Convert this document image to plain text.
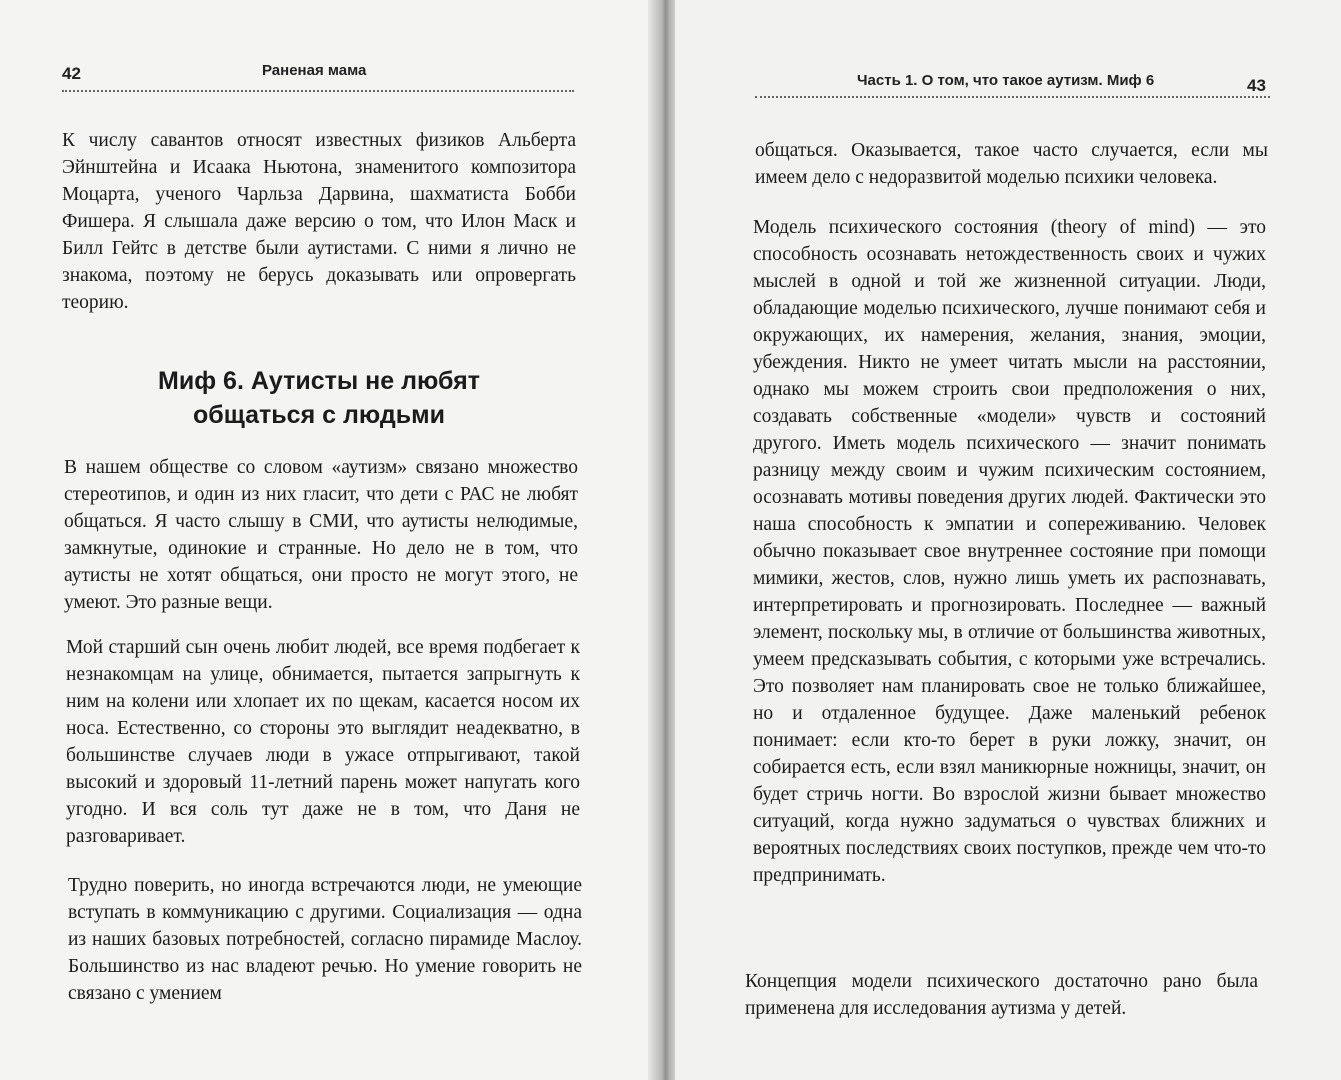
42	Раненая мама

К числу савантов относят известных физиков Альберта Эйнштейна и Исаака Ньютона, знаменитого композитора Моцарта, ученого Чарльза Дарвина, шахматиста Бобби Фишера. Я слышала даже версию о том, что Илон Маск и Билл Гейтс в детстве были аутистами. С ними я лично не знакома, поэтому не берусь доказывать или опровергать теорию.

Миф 6. Аутисты не любят
общаться с людьми

В нашем обществе со словом «аутизм» связано множество стереотипов, и один из них гласит, что дети с РАС не любят общаться. Я часто слышу в СМИ, что аутисты нелюдимые, замкнутые, одинокие и странные. Но дело не в том, что аутисты не хотят общаться, они просто не могут этого, не умеют. Это разные вещи.

Мой старший сын очень любит людей, все время подбегает к незнакомцам на улице, обнимается, пытается запрыгнуть к ним на колени или хлопает их по щекам, касается носом их носа. Естественно, со стороны это выглядит неадекватно, в большинстве случаев люди в ужасе отпрыгивают, такой высокий и здоровый 11-летний парень может напугать кого угодно. И вся соль тут даже не в том, что Даня не разговаривает.

Трудно поверить, но иногда встречаются люди, не умеющие вступать в коммуникацию с другими. Социализация — одна из наших базовых потребностей, согласно пирамиде Маслоу. Большинство из нас владеют речью. Но умение говорить не связано с умением

Часть 1. О том, что такое аутизм. Миф 6	43

общаться. Оказывается, такое часто случается, если мы имеем дело с недоразвитой моделью психики человека.

Модель психического состояния (theory of mind) — это способность осознавать нетождественность своих и чужих мыслей в одной и той же жизненной ситуации. Люди, обладающие моделью психического, лучше понимают себя и окружающих, их намерения, желания, знания, эмоции, убеждения. Никто не умеет читать мысли на расстоянии, однако мы можем строить свои предположения о них, создавать собственные «модели» чувств и состояний другого. Иметь модель психического — значит понимать разницу между своим и чужим психическим состоянием, осознавать мотивы поведения других людей. Фактически это наша способность к эмпатии и сопереживанию. Человек обычно показывает свое внутреннее состояние при помощи мимики, жестов, слов, нужно лишь уметь их распознавать, интерпретировать и прогнозировать. Последнее — важный элемент, поскольку мы, в отличие от большинства животных, умеем предсказывать события, с которыми уже встречались. Это позволяет нам планировать свое не только ближайшее, но и отдаленное будущее. Даже маленький ребенок понимает: если кто-то берет в руки ложку, значит, он собирается есть, если взял маникюрные ножницы, значит, он будет стричь ногти. Во взрослой жизни бывает множество ситуаций, когда нужно задуматься о чувствах ближних и вероятных последствиях своих поступков, прежде чем что-то предпринимать.

Концепция модели психического достаточно рано была применена для исследования аутизма у детей.
